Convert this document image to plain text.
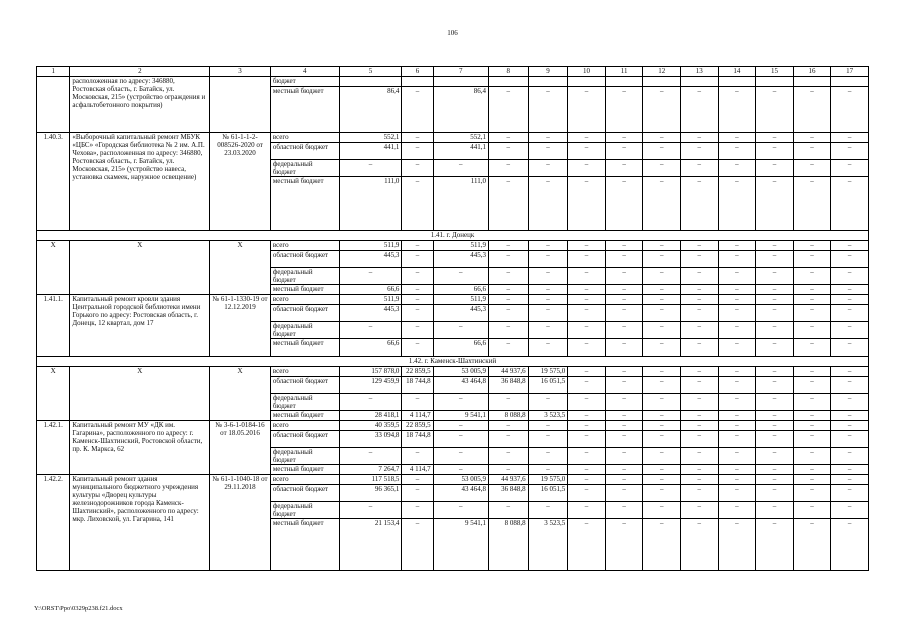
106
1	2	3	4	5	6	7	8	9	10	11	12	13	14	15	16	17
	расположенная по адресу: 346880, Ростовская область, г. Батайск, ул. Московская, 215» (устройство ограждения и асфальтобетонного покрытия)		бюджет													
			местный бюджет	86,4	–	86,4	–	–	–	–	–	–	–	–	–	–
1.40.3.	«Выборочный капитальный ремонт МБУК «ЦБС» «Городская библиотека № 2 им. А.П. Чехова», расположенная по адресу: 346880, Ростовская область, г. Батайск, ул. Московская, 215» (устройство навеса, установка скамеек, наружное освещение)	№ 61-1-1-2-008526-2020 от 23.03.2020	всего	552,1	–	552,1	–	–	–	–	–	–	–	–	–	–
			областной бюджет	441,1	–	441,1	–	–	–	–	–	–	–	–	–	–
			федеральный бюджет	–	–	–	–	–	–	–	–	–	–	–	–	–
			местный бюджет	111,0	–	111,0	–	–	–	–	–	–	–	–	–	–
1.41. г. Донецк																
Х	Х	Х	всего	511,9	–	511,9	–	–	–	–	–	–	–	–	–	–
			областной бюджет	445,3	–	445,3	–	–	–	–	–	–	–	–	–	–
			федеральный бюджет	–	–	–	–	–	–	–	–	–	–	–	–	–
			местный бюджет	66,6	–	66,6	–	–	–	–	–	–	–	–	–	–
1.41.1.	Капитальный ремонт кровли здания Центральной городской библиотеки имени Горького по адресу: Ростовская область, г. Донецк, 12 квартал, дом 17	№ 61-1-1330-19 от 12.12.2019	всего	511,9	–	511,9	–	–	–	–	–	–	–	–	–	–
			областной бюджет	445,3	–	445,3	–	–	–	–	–	–	–	–	–	–
			федеральный бюджет	–	–	–	–	–	–	–	–	–	–	–	–	–
			местный бюджет	66,6	–	66,6	–	–	–	–	–	–	–	–	–	–
1.42. г. Каменск-Шахтинский																
Х	Х	Х	всего	157 878,0	22 859,5	53 005,9	44 937,6	19 575,0	–	–	–	–	–	–	–	–
			областной бюджет	129 459,9	18 744,8	43 464,8	36 848,8	16 051,5	–	–	–	–	–	–	–	–
			федеральный бюджет	–	–	–	–	–	–	–	–	–	–	–	–	–
			местный бюджет	28 418,1	4 114,7	9 541,1	8 088,8	3 523,5	–	–	–	–	–	–	–	–
1.42.1.	Капитальный ремонт МУ «ДК им. Гагарина», расположенного по адресу: г. Каменск-Шахтинский, Ростовской области, пр. К. Маркса, 62	№ 3-6-1-0184-16 от 18.05.2016	всего	40 359,5	22 859,5	–	–	–	–	–	–	–	–	–	–	–
			областной бюджет	33 094,8	18 744,8	–	–	–	–	–	–	–	–	–	–	–
			федеральный бюджет	–	–	–	–	–	–	–	–	–	–	–	–	–
			местный бюджет	7 264,7	4 114,7	–	–	–	–	–	–	–	–	–	–	–
1.42.2.	Капитальный ремонт здания муниципального бюджетного учреждения культуры «Дворец культуры железнодорожников города Каменск-Шахтинский», расположенного по адресу: мкр. Лиховской, ул. Гагарина, 141	№ 61-1-1040-18 от 29.11.2018	всего	117 518,5	–	53 005,9	44 937,6	19 575,0	–	–	–	–	–	–	–	–
			областной бюджет	96 365,1	–	43 464,8	36 848,8	16 051,5	–	–	–	–	–	–	–	–
			федеральный бюджет	–	–	–	–	–	–	–	–	–	–	–	–	–
			местный бюджет	21 153,4	–	9 541,1	8 088,8	3 523,5	–	–	–	–	–	–	–	–
Y:\ORST\Ppo\0329p238.f21.docx
